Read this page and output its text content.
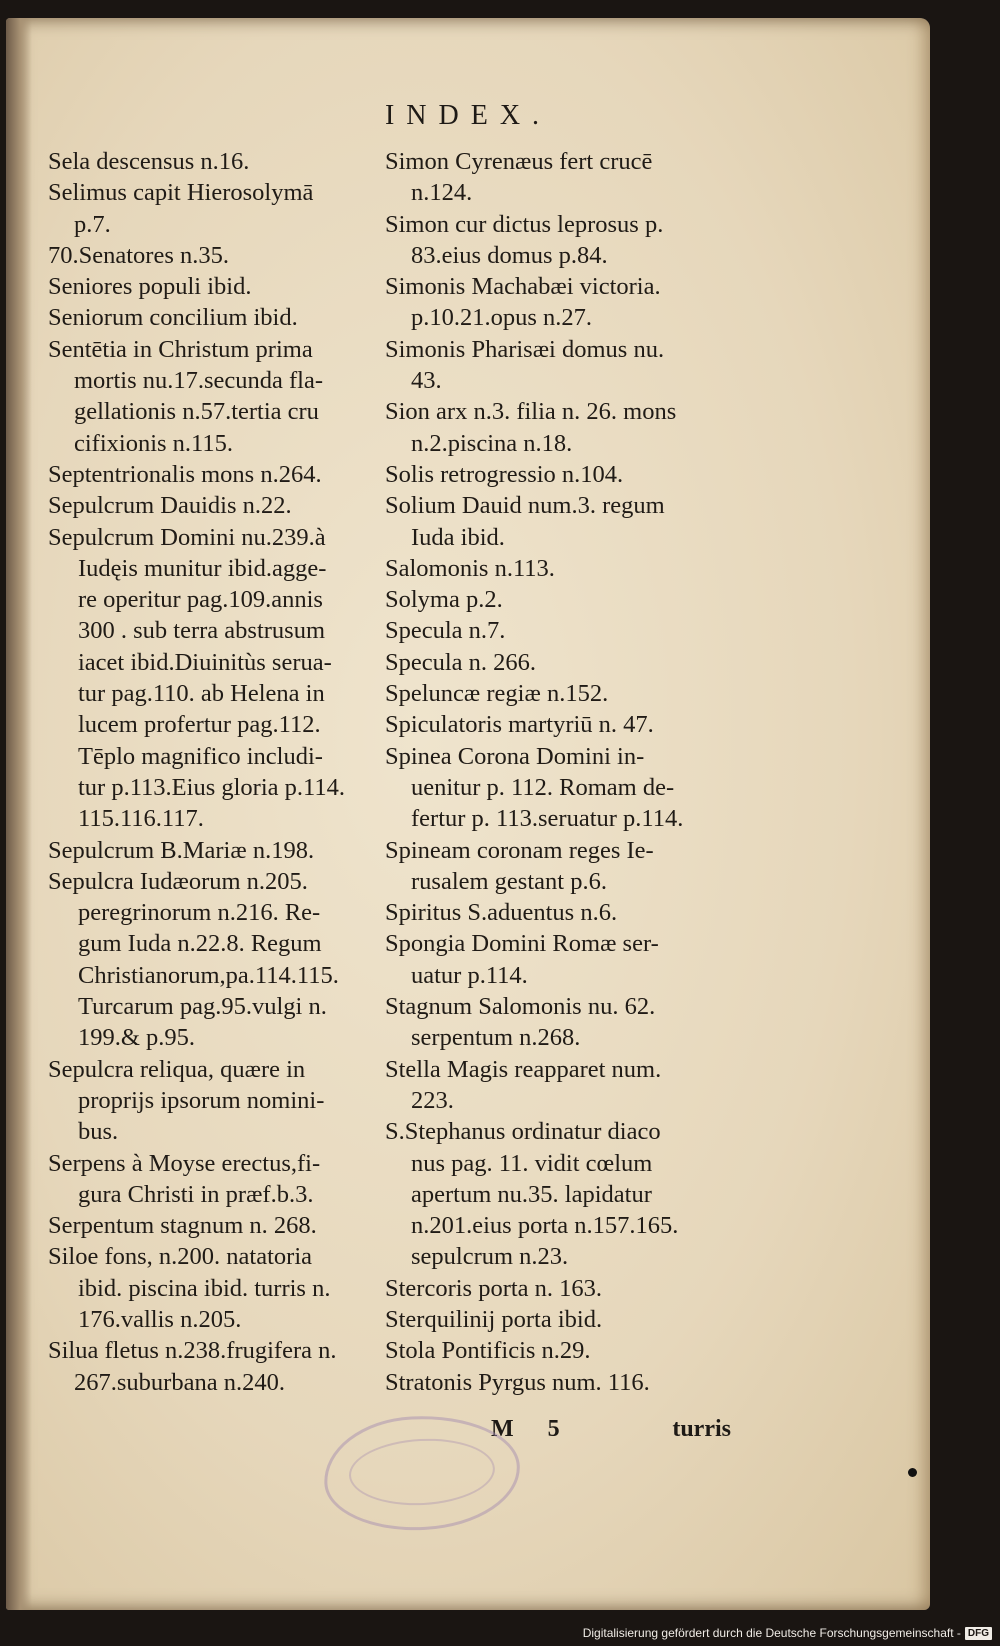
INDEX.
Sela descensus n.16.
Selimus capit Hierosolymā
p.7.
70.Senatores n.35.
Seniores populi ibid.
Seniorum concilium ibid.
Sentētia in Christum prima
mortis nu.17.secunda fla-
gellationis n.57.tertia cru
cifixionis n.115.
Septentrionalis mons n.264.
Sepulcrum Dauidis n.22.
Sepulcrum Domini nu.239.à
Iudęis munitur ibid.agge-
re operitur pag.109.annis
300 . sub terra abstrusum
iacet ibid.Diuinitùs serua-
tur pag.110. ab Helena in
lucem profertur pag.112.
Tēplo magnifico includi-
tur p.113.Eius gloria p.114.
115.116.117.
Sepulcrum B.Mariæ n.198.
Sepulcra Iudæorum n.205.
peregrinorum n.216. Re-
gum Iuda n.22.8. Regum
Christianorum,pa.114.115.
Turcarum pag.95.vulgi n.
199.& p.95.
Sepulcra reliqua, quære in
proprijs ipsorum nomini-
bus.
Serpens à Moyse erectus,fi-
gura Christi in præf.b.3.
Serpentum stagnum n. 268.
Siloe fons, n.200. natatoria
ibid. piscina ibid. turris n.
176.vallis n.205.
Silua fletus n.238.frugifera n.
267.suburbana n.240.
Simon Cyrenæus fert crucē
n.124.
Simon cur dictus leprosus p.
83.eius domus p.84.
Simonis Machabæi victoria.
p.10.21.opus n.27.
Simonis Pharisæi domus nu.
43.
Sion arx n.3. filia n. 26. mons
n.2.piscina n.18.
Solis retrogressio n.104.
Solium Dauid num.3. regum
Iuda ibid.
Salomonis n.113.
Solyma p.2.
Specula n.7.
Specula n. 266.
Speluncæ regiæ n.152.
Spiculatoris martyriū n. 47.
Spinea Corona Domini in-
uenitur p. 112. Romam de-
fertur p. 113.seruatur p.114.
Spineam coronam reges Ie-
rusalem gestant p.6.
Spiritus S.aduentus n.6.
Spongia Domini Romæ ser-
uatur p.114.
Stagnum Salomonis nu. 62.
serpentum n.268.
Stella Magis reapparet num.
223.
S.Stephanus ordinatur diaco
nus pag. 11. vidit cœlum
apertum nu.35. lapidatur
n.201.eius porta n.157.165.
sepulcrum n.23.
Stercoris porta n. 163.
Sterquilinij porta ibid.
Stola Pontificis n.29.
Stratonis Pyrgus num. 116.
M 5	turris
Digitalisierung gefördert durch die Deutsche Forschungsgemeinschaft - DFG
